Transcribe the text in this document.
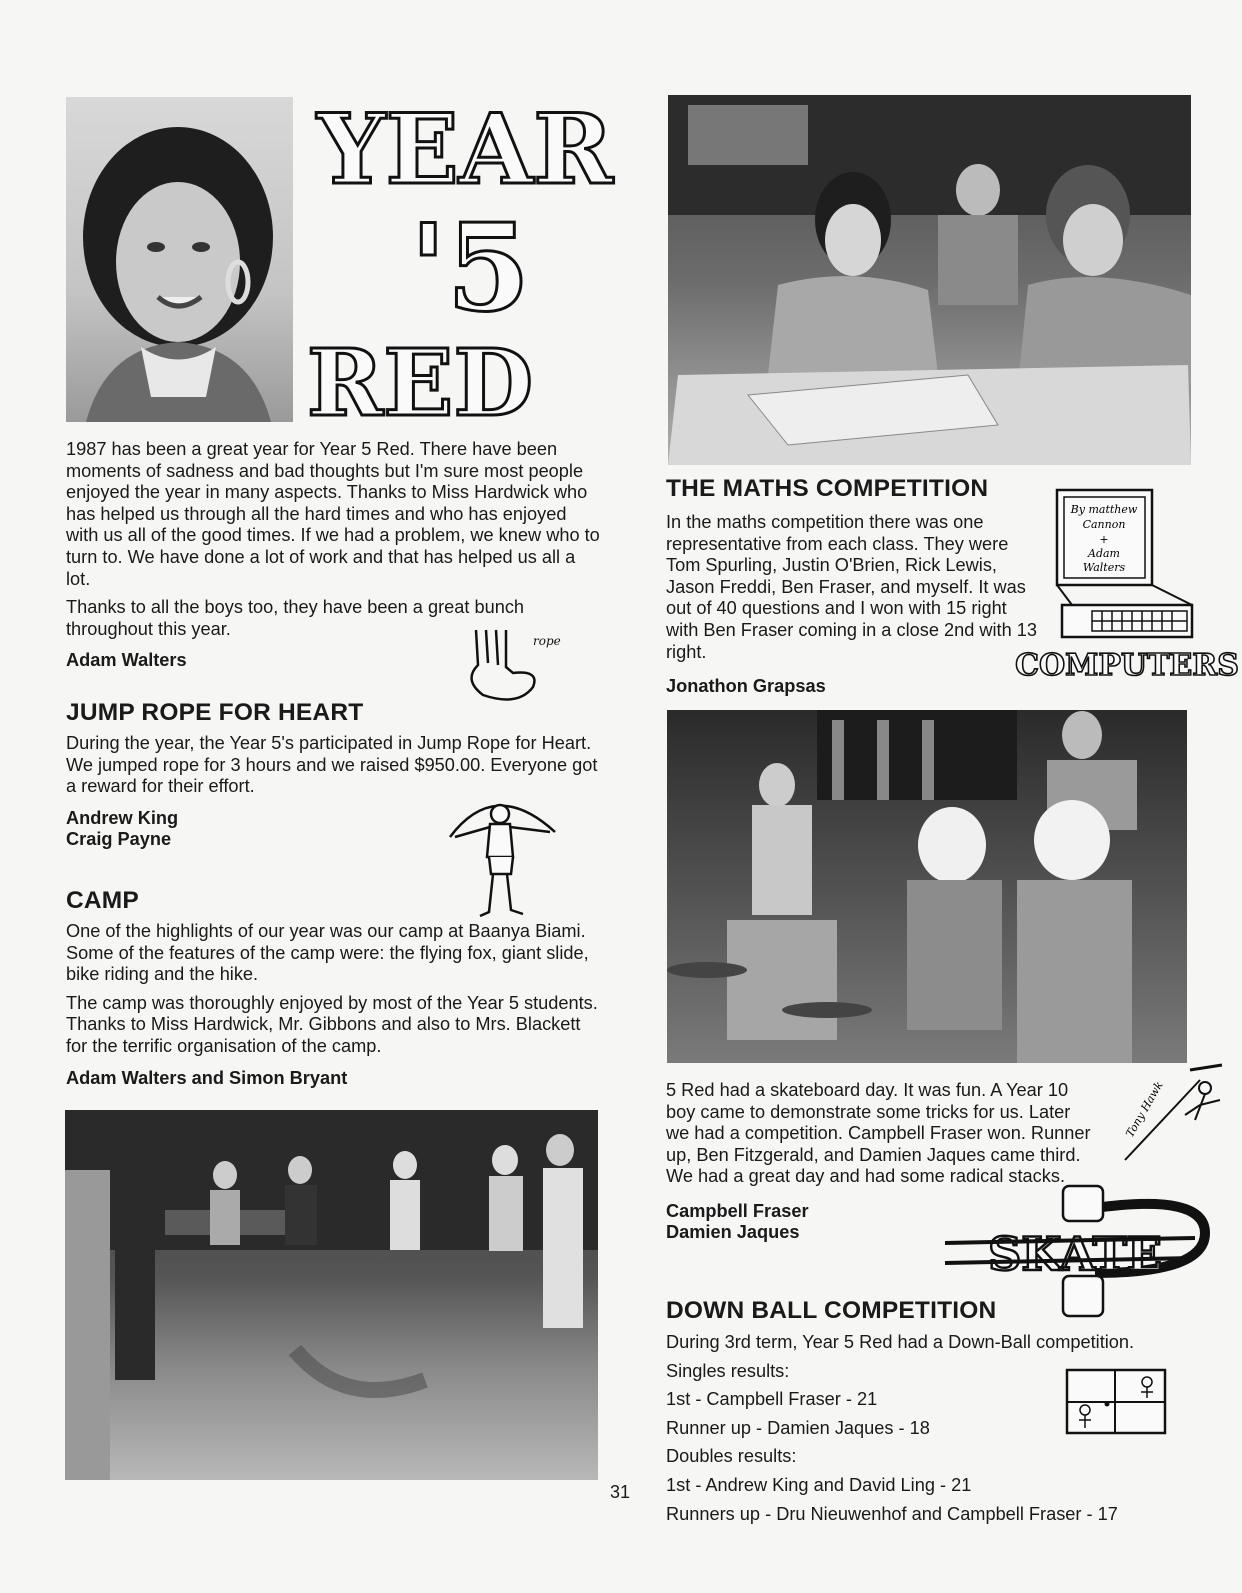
YEAR
'5
RED

1987 has been a great year for Year 5 Red. There have been moments of sadness and bad thoughts but I'm sure most people enjoyed the year in many aspects. Thanks to Miss Hardwick who has helped us through all the hard times and who has enjoyed with us all of the good times. If we had a problem, we knew who to turn to. We have done a lot of work and that has helped us all a lot.

Thanks to all the boys too, they have been a great bunch throughout this year.

Adam Walters

rope
JUMP ROPE FOR HEART

During the year, the Year 5's participated in Jump Rope for Heart. We jumped rope for 3 hours and we raised $950.00. Everyone got a reward for their effort.

Andrew King

Craig Payne

CAMP

One of the highlights of our year was our camp at Baanya Biami. Some of the features of the camp were: the flying fox, giant slide, bike riding and the hike.

The camp was thoroughly enjoyed by most of the Year 5 students. Thanks to Miss Hardwick, Mr. Gibbons and also to Mrs. Blackett for the terrific organisation of the camp.

Adam Walters and Simon Bryant

THE MATHS COMPETITION

In the maths competition there was one representative from each class. They were Tom Spurling, Justin O'Brien, Rick Lewis, Jason Freddi, Ben Fraser, and myself. It was out of 40 questions and I won with 15 right with Ben Fraser coming in a close 2nd with 13 right.

Jonathon Grapsas

By matthew
Cannon
+
Adam
Walters
COMPUTERS

5 Red had a skateboard day. It was fun. A Year 10 boy came to demonstrate some tricks for us. Later we had a competition. Campbell Fraser won. Runner up, Ben Fitzgerald, and Damien Jaques came third. We had a great day and had some radical stacks.

Campbell Fraser

Damien Jaques

Tony Hawk
SKATE
DOWN BALL COMPETITION
During 3rd term, Year 5 Red had a Down-Ball competition.
Singles results:
1st - Campbell Fraser - 21
Runner up - Damien Jaques - 18
Doubles results:
1st - Andrew King and David Ling - 21
Runners up - Dru Nieuwenhof and Campbell Fraser - 17
31
